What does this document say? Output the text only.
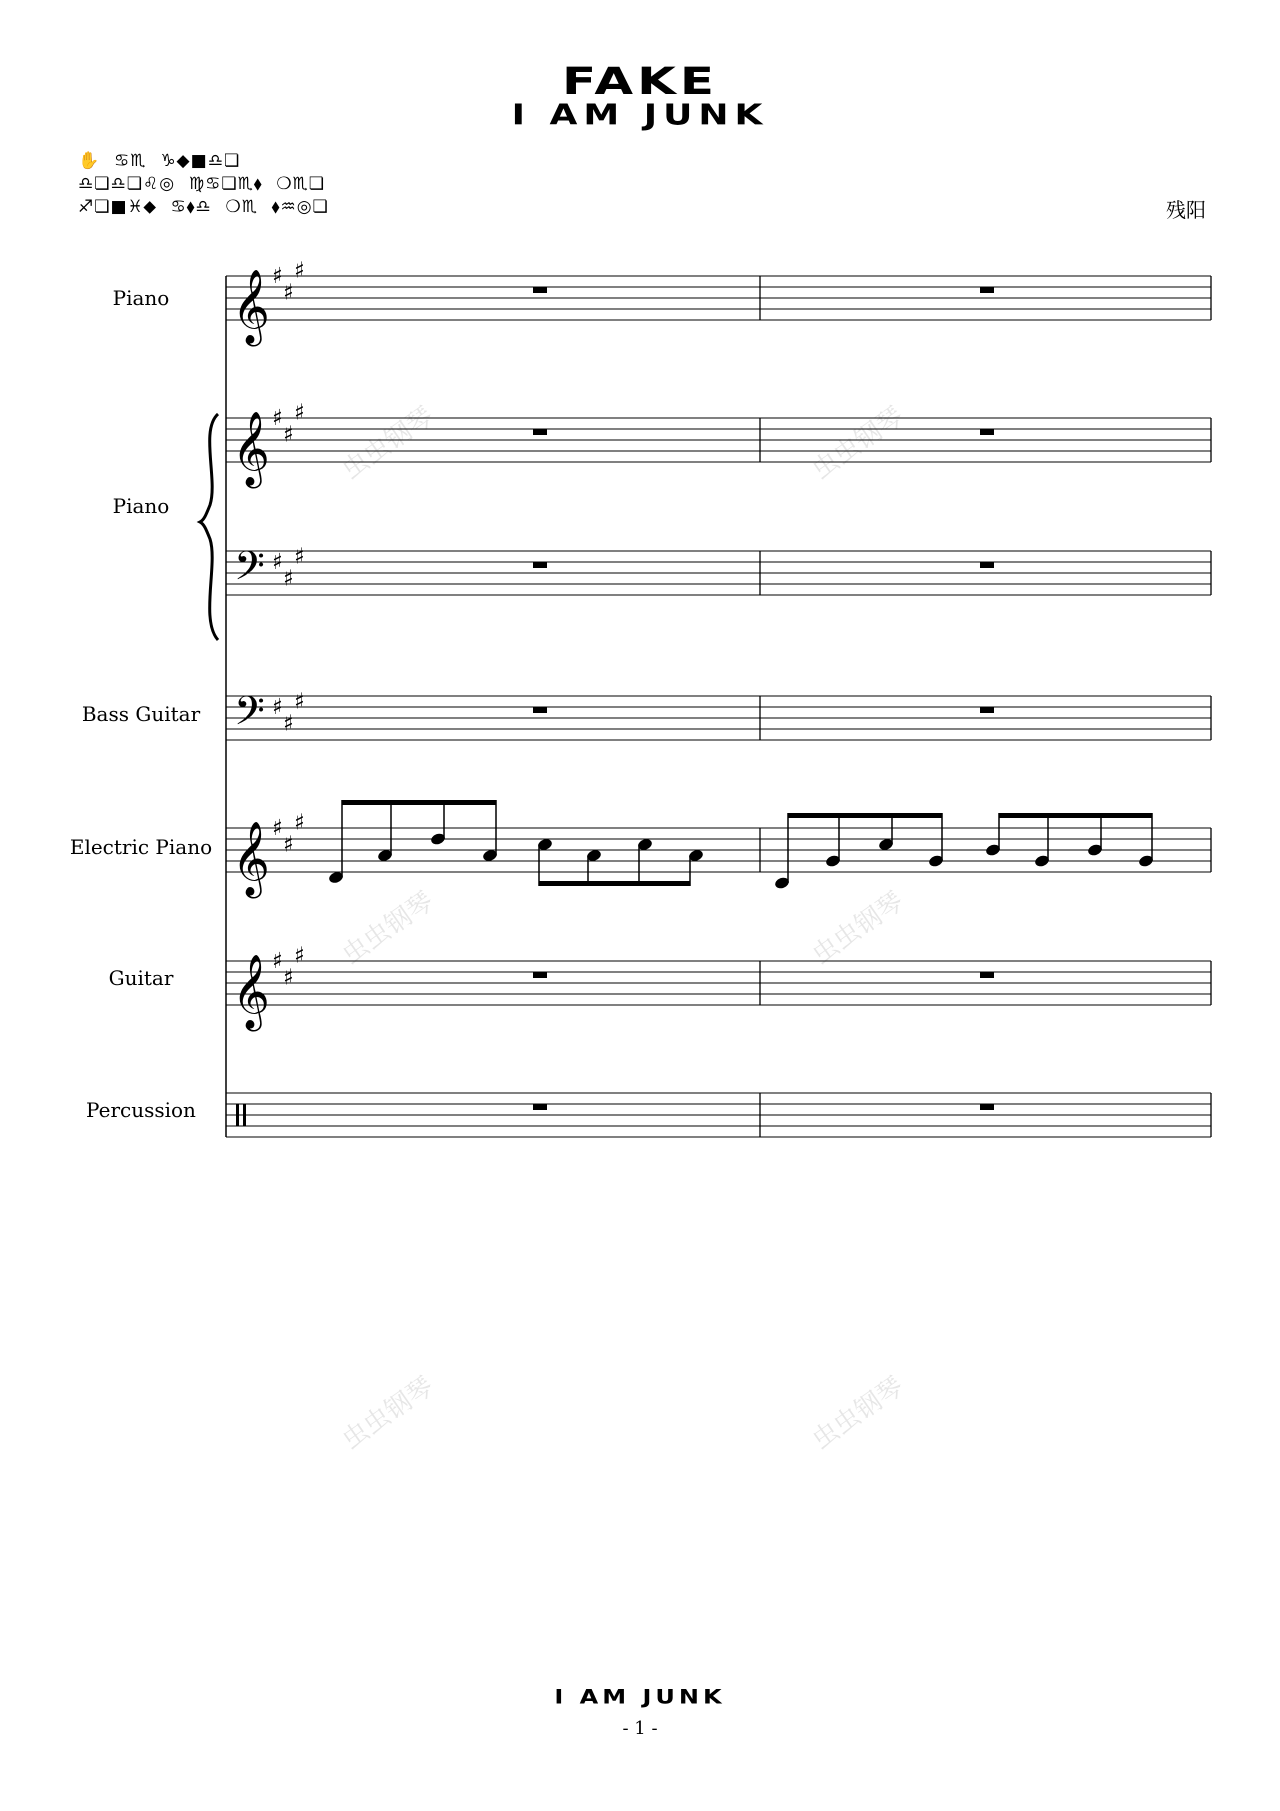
FAKE
I AM JUNK
✋  ♋♏  ♑◆■♎❏
♎❏♎❏♌◎  ♍♋❏♏⬧  ❍♏❏
♐❏■♓⬥  ♋⬧♎  ❍♏  ⬧♒◎❏	残阳
Piano
Piano
Bass Guitar
Electric Piano
Guitar
Percussion
虫虫钢琴	虫虫钢琴
虫虫钢琴	虫虫钢琴
虫虫钢琴	虫虫钢琴
𝄞 ♯
♯
♯
𝄞 ♯
♯
♯
𝄢 ♯
♯
♯
𝄢 ♯
♯
♯
𝄞 ♯
♯
♯
𝄞 ♯
♯
♯
I AM JUNK
- 1 -
